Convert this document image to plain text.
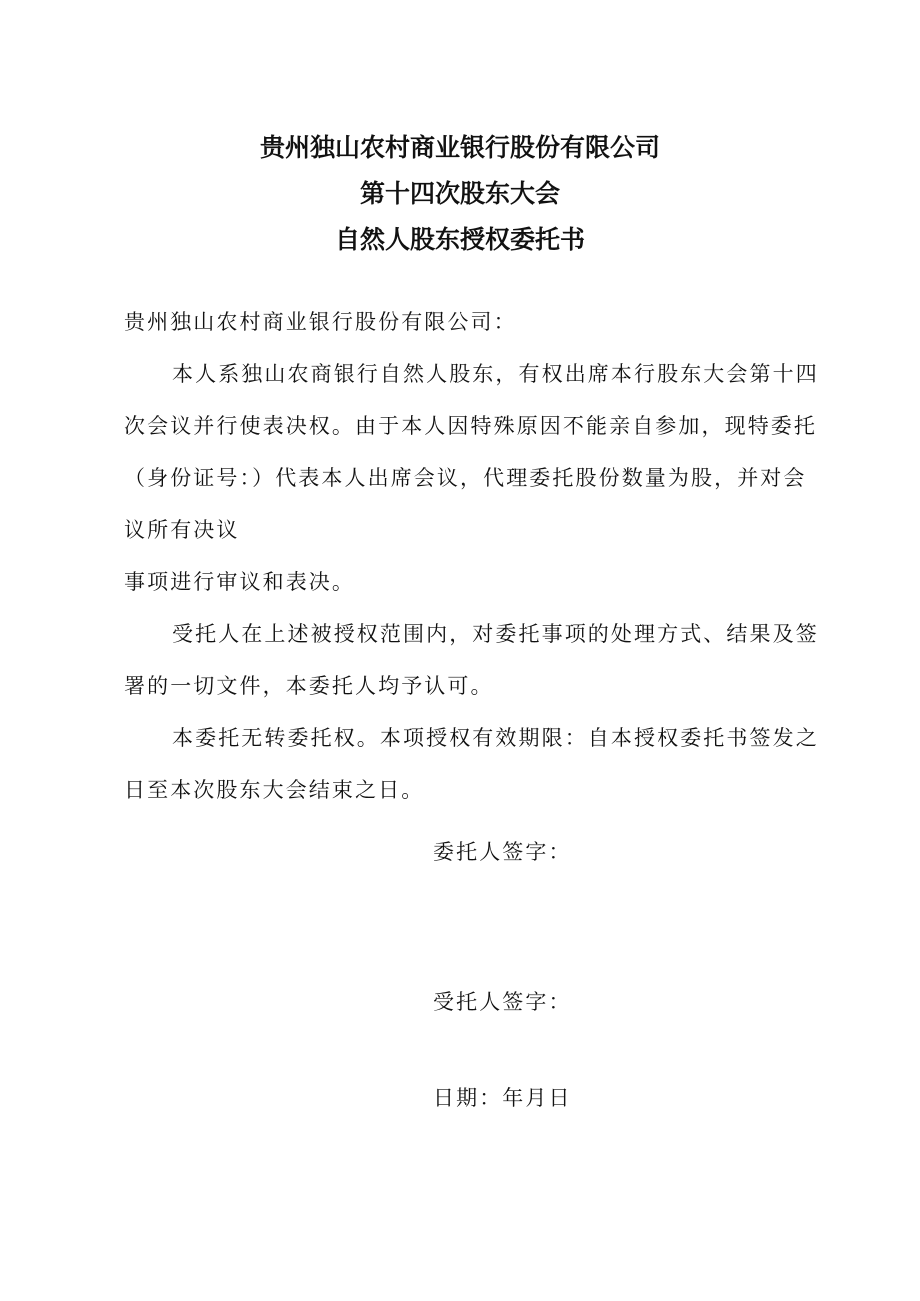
贵州独山农村商业银行股份有限公司
第十四次股东大会
自然人股东授权委托书
贵州独山农村商业银行股份有限公司：
本人系独山农商银行自然人股东，有权出席本行股东大会第十四
次会议并行使表决权。由于本人因特殊原因不能亲自参加，现特委托
（身份证号：）代表本人出席会议，代理委托股份数量为股，并对会
议所有决议
事项进行审议和表决。
受托人在上述被授权范围内，对委托事项的处理方式、结果及签
署的一切文件，本委托人均予认可。
本委托无转委托权。本项授权有效期限：自本授权委托书签发之
日至本次股东大会结束之日。
委托人签字：
受托人签字：
日期：年月日
